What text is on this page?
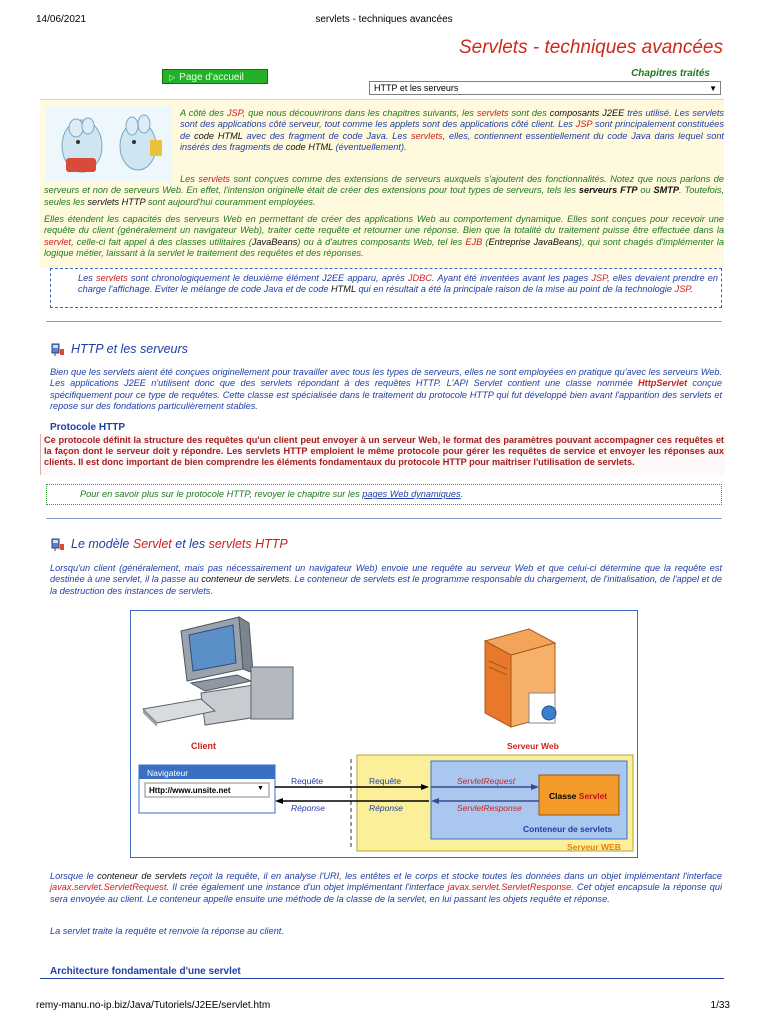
14/06/2021	servlets - techniques avancées
Servlets - techniques avancées
▷ Page d'accueil	Chapitres traités
HTTP et les serveurs	▼

A côté des JSP, que nous découvrirons dans les chapitres suivants, les servlets sont des composants J2EE très utilisé. Les servlets sont des applications côté serveur, tout comme les applets sont des applications côté client. Les JSP sont principalement constituées de code HTML avec des fragment de code Java. Les servlets, elles, contiennent essentiellement du code Java dans lequel sont insérés des fragments de code HTML (éventuellement).

Les servlets sont conçues comme des extensions de serveurs auxquels s'ajoutent des fonctionnalités. Notez que nous parlons de serveurs et non de serveurs Web. En effet, l'intension originelle était de créer des extensions pour tout types de serveurs, tels les serveurs FTP ou SMTP. Toutefois, seules les servlets HTTP sont aujourd'hui couramment employées.

Elles étendent les capacités des serveurs Web en permettant de créer des applications Web au comportement dynamique. Elles sont conçues pour recevoir une requête du client (généralement un navigateur Web), traiter cette requête et retourner une réponse. Bien que la totalité du traitement puisse être effectuée dans la servlet, celle-ci fait appel à des classes utilitaires (JavaBeans) ou à d'autres composants Web, tel les EJB (Entreprise JavaBeans), qui sont chagés d'implémenter la logique métier, laissant à la servlet le traitement des requêtes et des réponses.

Les servlets sont chronologiquement le deuxième élément J2EE apparu, après JDBC. Ayant été inventées avant les pages JSP, elles devaient prendre en charge l'affichage. Eviter le mélange de code Java et de code HTML qui en résultait a été la principale raison de la mise au point de la technologie JSP.

HTTP et les serveurs

Bien que les servlets aient été conçues originellement pour travailler avec tous les types de serveurs, elles ne sont employées en pratique qu'avec les serveurs Web. Les applications J2EE n'utilisent donc que des servlets répondant à des requêtes HTTP. L'API Servlet contient une classe nommée HttpServlet conçue spécifiquement pour ce type de requêtes. Cette classe est spécialisée dans le traitement du protocole HTTP qui fut développé bien avant l'apparition des servlets et repose sur des fondations particulièrement stables.

Protocole HTTP

Ce protocole définit la structure des requêtes qu'un client peut envoyer à un serveur Web, le format des paramètres pouvant accompagner ces requêtes et la façon dont le serveur doit y répondre. Les servlets HTTP emploient le même protocole pour gérer les requêtes de service et envoyer les réponses aux clients. Il est donc important de bien comprendre les éléments fondamentaux du protocole HTTP pour maîtriser l'utilisation de servlets.

Pour en savoir plus sur le protocole HTTP, revoyer le chapitre sur les pages Web dynamiques.

Le modèle Servlet et les servlets HTTP

Lorsqu'un client (généralement, mais pas nécessairement un navigateur Web) envoie une requête au serveur Web et que celui-ci détermine que la requête est destinée à une servlet, il la passe au conteneur de servlets. Le conteneur de servlets est le programme responsable du chargement, de l'initialisation, de l'appel et de la destruction des instances de servlets.

Client	Serveur Web
Navigateur
Http://www.unsite.net	▼
Requête	Requête
Réponse	Réponse
ServletRequest
ServletResponse
Classe Servlet
Conteneur de servlets
Serveur WEB

Lorsque le conteneur de servlets reçoit la requête, il en analyse l'URI, les entêtes et le corps et stocke toutes les données dans un objet implémentant l'interface javax.servlet.ServletRequest. Il crée également une instance d'un objet implémentant l'interface javax.servlet.ServletResponse. Cet objet encapsule la réponse qui sera envoyée au client. Le conteneur appelle ensuite une méthode de la classe de la servlet, en lui passant les objets requête et réponse.

La servlet traite la requête et renvoie la réponse au client.

Architecture fondamentale d'une servlet
remy-manu.no-ip.biz/Java/Tutoriels/J2EE/servlet.htm	1/33
